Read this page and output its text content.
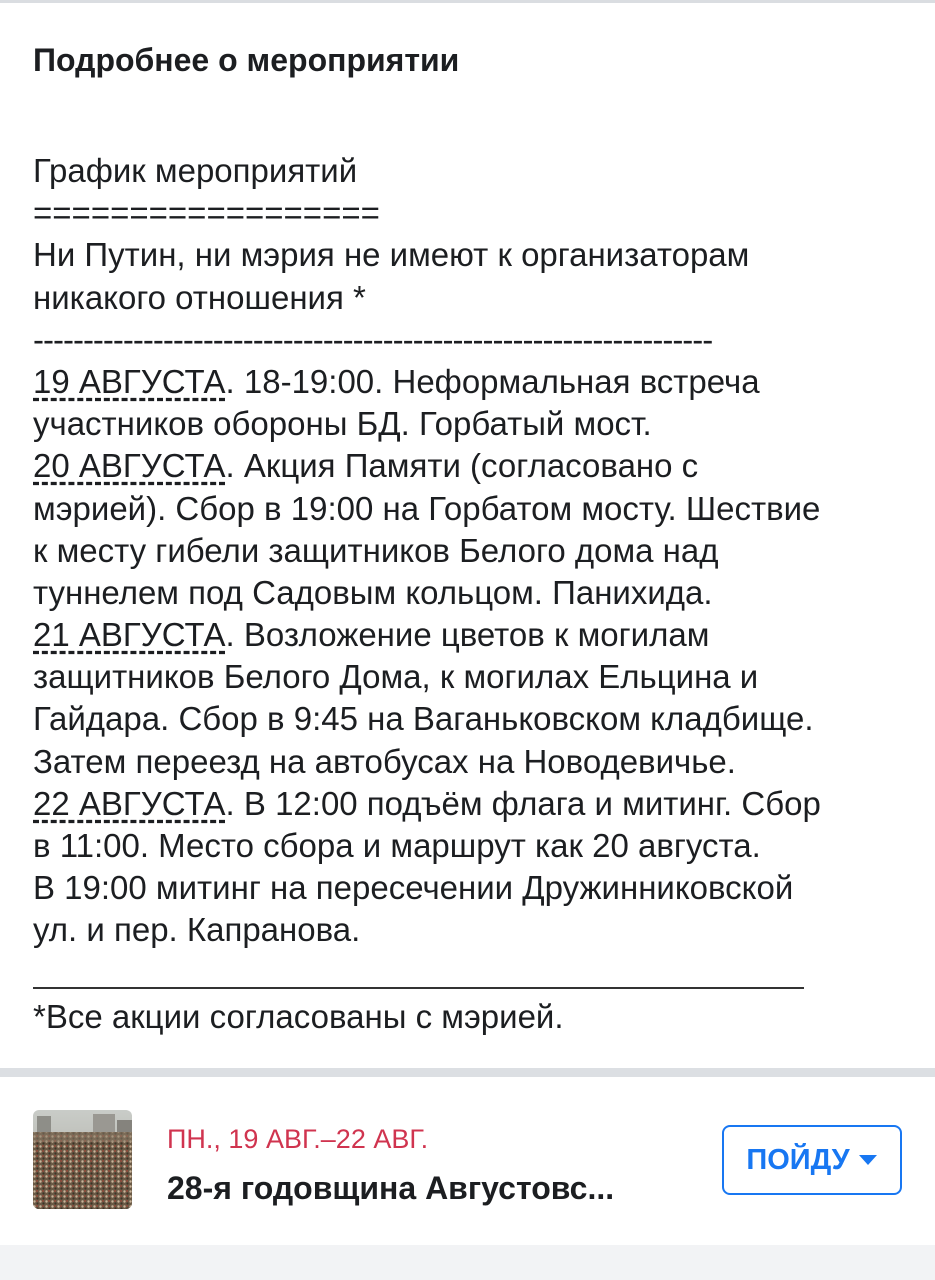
Подробнее о мероприятии
График мероприятий
==================
Ни Путин, ни мэрия не имеют к организаторам
никакого отношения *
--------------------------------------------------------------------
19 АВГУСТА. 18-19:00. Неформальная встреча
участников обороны БД. Горбатый мост.
20 АВГУСТА. Акция Памяти (согласовано с
мэрией). Сбор в 19:00 на Горбатом мосту. Шествие
к месту гибели защитников Белого дома над
туннелем под Садовым кольцом. Панихида.
21 АВГУСТА. Возложение цветов к могилам
защитников Белого Дома, к могилах Ельцина и
Гайдара. Сбор в 9:45 на Ваганьковском кладбище.
Затем переезд на автобусах на Новодевичье.
22 АВГУСТА. В 12:00 подъём флага и митинг. Сбор
в 11:00. Место сбора и маршрут как 20 августа.
В 19:00 митинг на пересечении Дружинниковской
ул. и пер. Капранова.
*Все акции согласованы с мэрией.
ПН., 19 АВГ.–22 АВГ.
28-я годовщина Августовс...
ПОЙДУ
